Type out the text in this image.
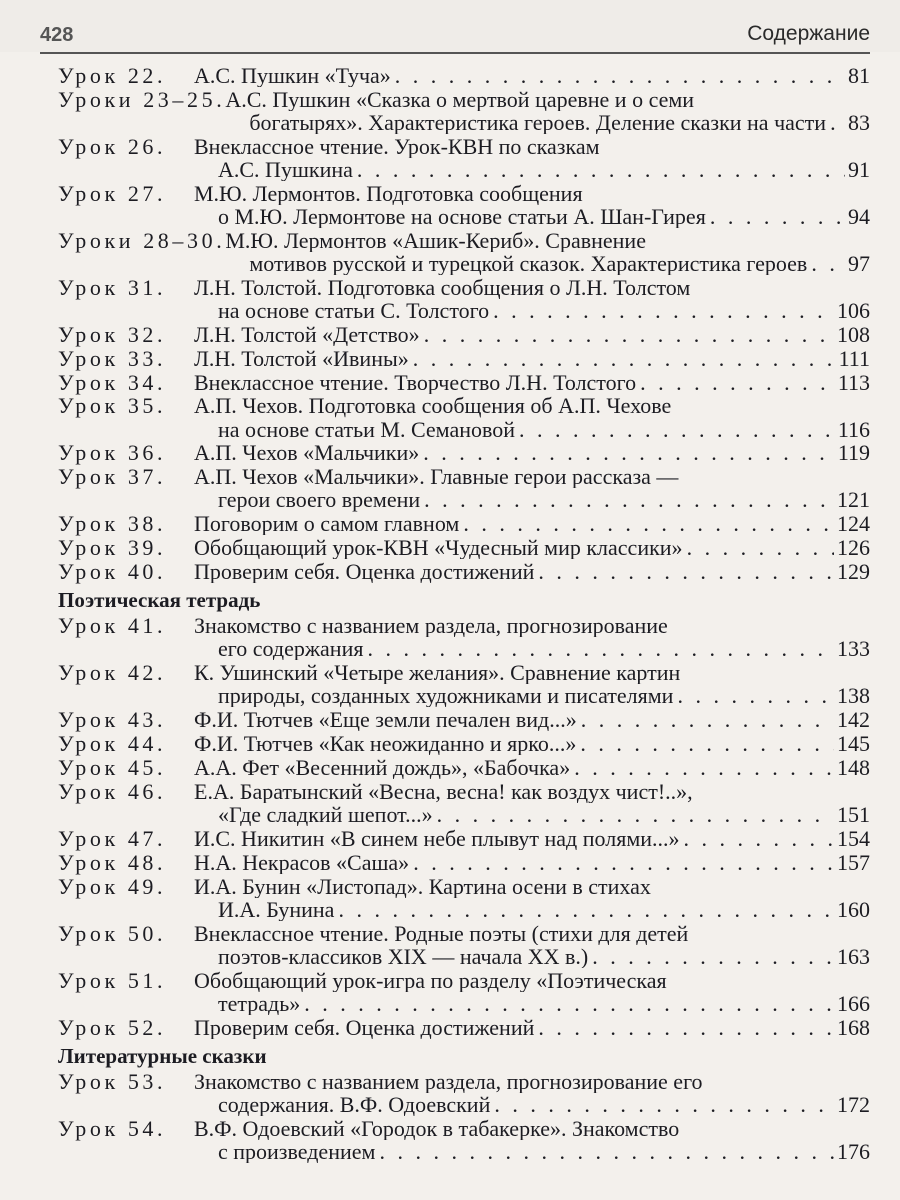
428	Содержание
Урок 22.	А.С. Пушкин «Туча» . . .	81
Уроки 23–25. А.С. Пушкин «Сказка о мертвой царевне и о семи
богатырях». Характеристика героев. Деление сказки на части . . . 83
Урок 26.	Внеклассное чтение. Урок-КВН по сказкам
А.С. Пушкина . . .	91
Урок 27.	М.Ю. Лермонтов. Подготовка сообщения
о М.Ю. Лермонтове на основе статьи А. Шан-Гирея . . .	94
Уроки 28–30. М.Ю. Лермонтов «Ашик-Кериб». Сравнение
мотивов русской и турецкой сказок. Характеристика героев . . . 97
Урок 31.	Л.Н. Толстой. Подготовка сообщения о Л.Н. Толстом
на основе статьи С. Толстого . . .	106
Урок 32.	Л.Н. Толстой «Детство» . . .	108
Урок 33.	Л.Н. Толстой «Ивины» . . .	111
Урок 34.	Внеклассное чтение. Творчество Л.Н. Толстого . . .	113
Урок 35.	А.П. Чехов. Подготовка сообщения об А.П. Чехове
на основе статьи М. Семановой . . .	116
Урок 36.	А.П. Чехов «Мальчики» . . .	119
Урок 37.	А.П. Чехов «Мальчики». Главные герои рассказа —
герои своего времени . . .	121
Урок 38.	Поговорим о самом главном . . .	124
Урок 39.	Обобщающий урок-КВН «Чудесный мир классики» . . .	126
Урок 40.	Проверим себя. Оценка достижений . . .	129
Поэтическая тетрадь
Урок 41.	Знакомство с названием раздела, прогнозирование
его содержания . . .	133
Урок 42.	К. Ушинский «Четыре желания». Сравнение картин
природы, созданных художниками и писателями . . .	138
Урок 43.	Ф.И. Тютчев «Еще земли печален вид...» . . .	142
Урок 44.	Ф.И. Тютчев «Как неожиданно и ярко...» . . .	145
Урок 45.	А.А. Фет «Весенний дождь», «Бабочка» . . .	148
Урок 46.	Е.А. Баратынский «Весна, весна! как воздух чист!..»,
«Где сладкий шепот...» . . .	151
Урок 47.	И.С. Никитин «В синем небе плывут над полями...» . . .	154
Урок 48.	Н.А. Некрасов «Саша» . . .	157
Урок 49.	И.А. Бунин «Листопад». Картина осени в стихах
И.А. Бунина . . .	160
Урок 50.	Внеклассное чтение. Родные поэты (стихи для детей
поэтов-классиков XIX — начала XX в.) . . .	163
Урок 51.	Обобщающий урок-игра по разделу «Поэтическая
тетрадь» . . .	166
Урок 52.	Проверим себя. Оценка достижений . . .	168
Литературные сказки
Урок 53.	Знакомство с названием раздела, прогнозирование его
содержания. В.Ф. Одоевский . . .	172
Урок 54.	В.Ф. Одоевский «Городок в табакерке». Знакомство
с произведением . . .	176
